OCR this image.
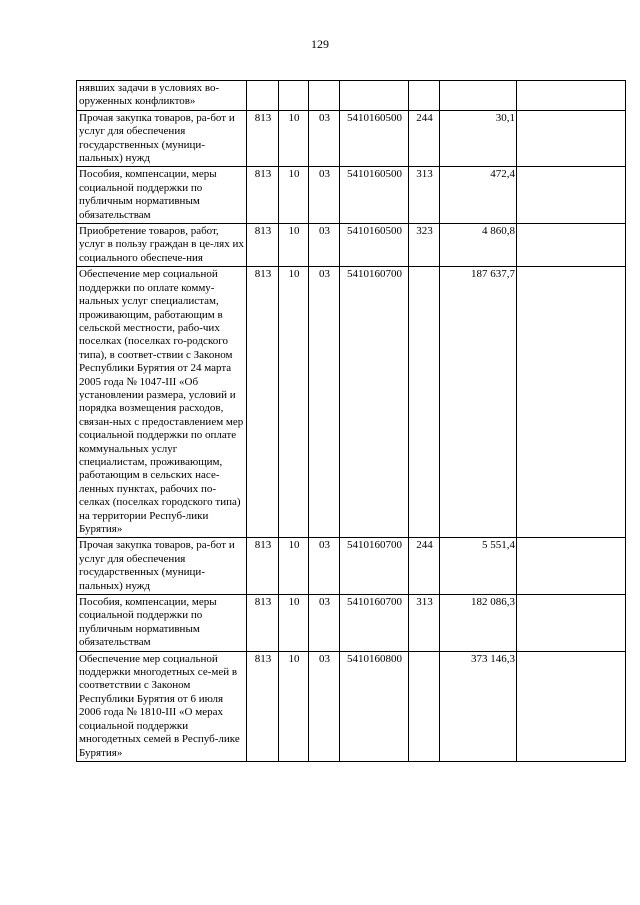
129
нявших задачи в условиях во-оруженных конфликтов»							
Прочая закупка товаров, ра-бот и услуг для обеспечения государственных (муници-пальных) нужд	813	10	03	5410160500	244	30,1	
Пособия, компенсации, меры социальной поддержки по публичным нормативным обязательствам	813	10	03	5410160500	313	472,4	
Приобретение товаров, работ, услуг в пользу граждан в це-лях их социального обеспече-ния	813	10	03	5410160500	323	4 860,8	
Обеспечение мер социальной поддержки по оплате комму-нальных услуг специалистам, проживающим, работающим в сельской местности, рабо-чих поселках (поселках го-родского типа), в соответ-ствии с Законом Республики Бурятия от 24 марта 2005 года № 1047-III «Об установлении размера, условий и порядка возмещения расходов, связан-ных с предоставлением мер социальной поддержки по оплате коммунальных услуг специалистам, проживающим, работающим в сельских насе-ленных пунктах, рабочих по-селках (поселках городского типа) на территории Респуб-лики Бурятия»	813	10	03	5410160700		187 637,7	
Прочая закупка товаров, ра-бот и услуг для обеспечения государственных (муници-пальных) нужд	813	10	03	5410160700	244	5 551,4	
Пособия, компенсации, меры социальной поддержки по публичным нормативным обязательствам	813	10	03	5410160700	313	182 086,3	
Обеспечение мер социальной поддержки многодетных се-мей в соответствии с Законом Республики Бурятия от 6 июля 2006 года № 1810-III «О мерах социальной поддержки многодетных семей в Респуб-лике Бурятия»	813	10	03	5410160800		373 146,3	
